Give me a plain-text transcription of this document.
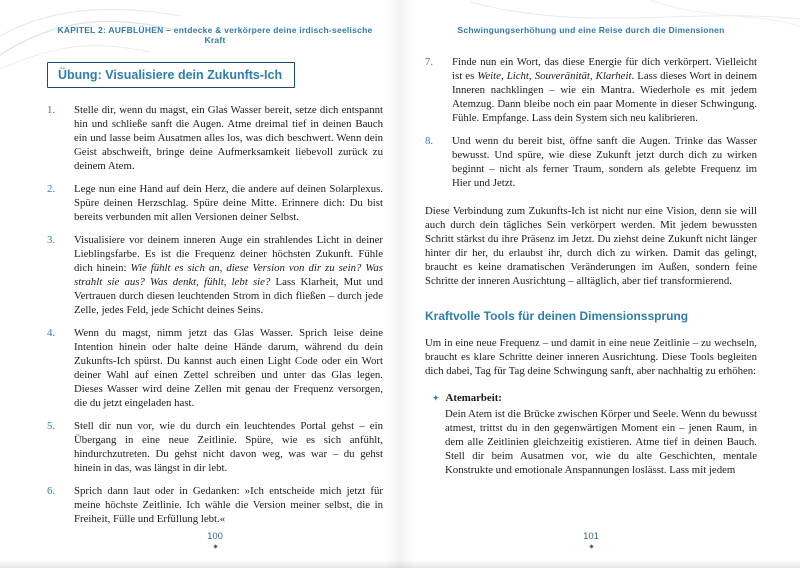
KAPITEL 2: AUFBLÜHEN – entdecke & verkörpere deine irdisch-seelische Kraft
Übung: Visualisiere dein Zukunfts-Ich
1. Stelle dir, wenn du magst, ein Glas Wasser bereit, setze dich entspannt hin und schließe sanft die Augen. Atme dreimal tief in deinen Bauch ein und lasse beim Ausatmen alles los, was dich beschwert. Wenn dein Geist abschweift, bringe deine Aufmerksamkeit liebevoll zurück zu deinem Atem.
2. Lege nun eine Hand auf dein Herz, die andere auf deinen Solarplexus. Spüre deinen Herzschlag. Spüre deine Mitte. Erinnere dich: Du bist bereits verbunden mit allen Versionen deiner Selbst.
3. Visualisiere vor deinem inneren Auge ein strahlendes Licht in deiner Lieblingsfarbe. Es ist die Frequenz deiner höchsten Zukunft. Fühle dich hinein: Wie fühlt es sich an, diese Version von dir zu sein? Was strahlt sie aus? Was denkt, fühlt, lebt sie? Lass Klarheit, Mut und Vertrauen durch diesen leuchtenden Strom in dich fließen – durch jede Zelle, jedes Feld, jede Schicht deines Seins.
4. Wenn du magst, nimm jetzt das Glas Wasser. Sprich leise deine Intention hinein oder halte deine Hände darum, während du dein Zukunfts-Ich spürst. Du kannst auch einen Light Code oder ein Wort deiner Wahl auf einen Zettel schreiben und unter das Glas legen. Dieses Wasser wird deine Zellen mit genau der Frequenz versorgen, die du jetzt eingeladen hast.
5. Stell dir nun vor, wie du durch ein leuchtendes Portal gehst – ein Übergang in eine neue Zeitlinie. Spüre, wie es sich anfühlt, hindurchzutreten. Du gehst nicht davon weg, was war – du gehst hinein in das, was längst in dir lebt.
6. Sprich dann laut oder in Gedanken: »Ich entscheide mich jetzt für meine höchste Zeitlinie. Ich wähle die Version meiner selbst, die in Freiheit, Fülle und Erfüllung lebt.«
100
Schwingungserhöhung und eine Reise durch die Dimensionen
7. Finde nun ein Wort, das diese Energie für dich verkörpert. Vielleicht ist es Weite, Licht, Souveränität, Klarheit. Lass dieses Wort in deinem Inneren nachklingen – wie ein Mantra. Wiederhole es mit jedem Atemzug. Dann bleibe noch ein paar Momente in dieser Schwingung. Fühle. Empfange. Lass dein System sich neu kalibrieren.
8. Und wenn du bereit bist, öffne sanft die Augen. Trinke das Wasser bewusst. Und spüre, wie diese Zukunft jetzt durch dich zu wirken beginnt – nicht als ferner Traum, sondern als gelebte Frequenz im Hier und Jetzt.
Diese Verbindung zum Zukunfts-Ich ist nicht nur eine Vision, denn sie will auch durch dein tägliches Sein verkörpert werden. Mit jedem bewussten Schritt stärkst du ihre Präsenz im Jetzt. Du ziehst deine Zukunft nicht länger hinter dir her, du erlaubst ihr, durch dich zu wirken. Damit das gelingt, braucht es keine dramatischen Veränderungen im Außen, sondern feine Schritte der inneren Ausrichtung – alltäglich, aber tief transformierend.
Kraftvolle Tools für deinen Dimensionssprung
Um in eine neue Frequenz – und damit in eine neue Zeitlinie – zu wechseln, braucht es klare Schritte deiner inneren Ausrichtung. Diese Tools begleiten dich dabei, Tag für Tag deine Schwingung sanft, aber nachhaltig zu erhöhen:
✦ Atemarbeit:
Dein Atem ist die Brücke zwischen Körper und Seele. Wenn du bewusst atmest, trittst du in den gegenwärtigen Moment ein – jenen Raum, in dem alle Zeitlinien gleichzeitig existieren. Atme tief in deinen Bauch. Stell dir beim Ausatmen vor, wie du alte Geschichten, mentale Konstrukte und emotionale Anspannungen loslässt. Lass mit jedem
101
